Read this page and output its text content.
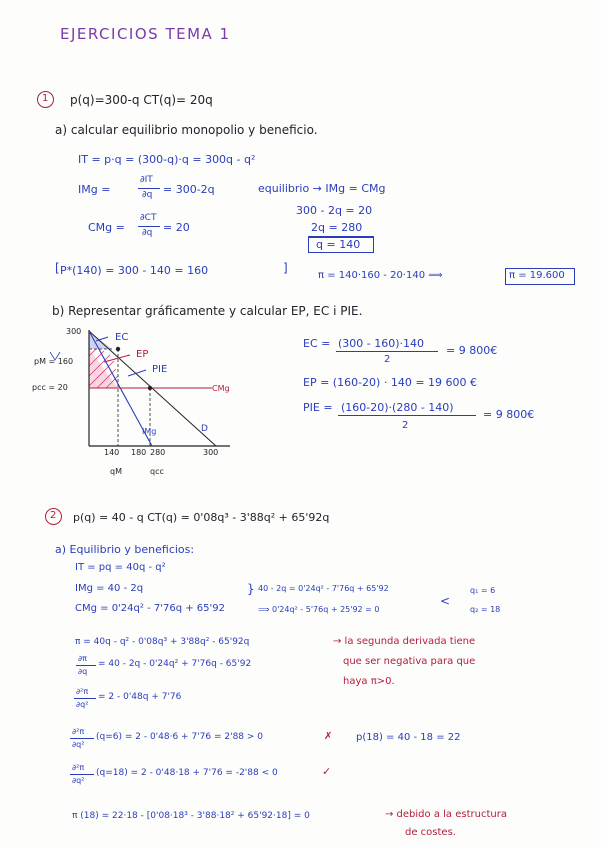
EJERCICIOS TEMA 1
1 p(q)=300-q CT(q)= 20q
a) calcular equilibrio monopolio y beneficio.
IT = p·q = (300-q)·q = 300q - q²
IMg =
∂IT
∂q = 300-2q	equilibrio → IMg = CMg
300 - 2q = 20
CMg =
∂CT
∂q = 20	2q = 280
q = 140
P*(140) = 300 - 140 = 160
[	]
π = 140·160 - 20·140 ⟹	π = 19.600
b) Representar gráficamente y calcular EP, EC i PIE.
300
pM = 160
pcc = 20
EC
EP
PIE
CMg
IMg	D
140
qM
180 280
qcc
300
EC = (300 - 160)·140
2
= 9 800€
EP = (160-20) · 140 = 19 600 €
PIE = (160-20)·(280 - 140)
2
= 9 800€
2 p(q) = 40 - q CT(q) = 0'08q³ - 3'88q² + 65'92q
a) Equilibrio y beneficios:
IT = pq = 40q - q²
IMg = 40 - 2q
CMg = 0'24q² - 7'76q + 65'92
} 40 - 2q = 0'24q² - 7'76q + 65'92
⟹ 0'24q² - 5'76q + 25'92 = 0
<
q₁ = 6
q₂ = 18
π = 40q - q² - 0'08q³ + 3'88q² - 65'92q	→ la segunda derivada tiene
que ser negativa para que
haya π>0.
∂π
∂q
= 40 - 2q - 0'24q² + 7'76q - 65'92
∂²π
∂q²
= 2 - 0'48q + 7'76
∂²π
∂q²
(q=6) = 2 - 0'48·6 + 7'76 = 2'88 > 0	✗ p(18) = 40 - 18 = 22
∂²π
∂q²
(q=18) = 2 - 0'48·18 + 7'76 = -2'88 < 0	✓
π (18) = 22·18 - [0'08·18³ - 3'88·18² + 65'92·18] = 0	→ debido a la estructura
de costes.
